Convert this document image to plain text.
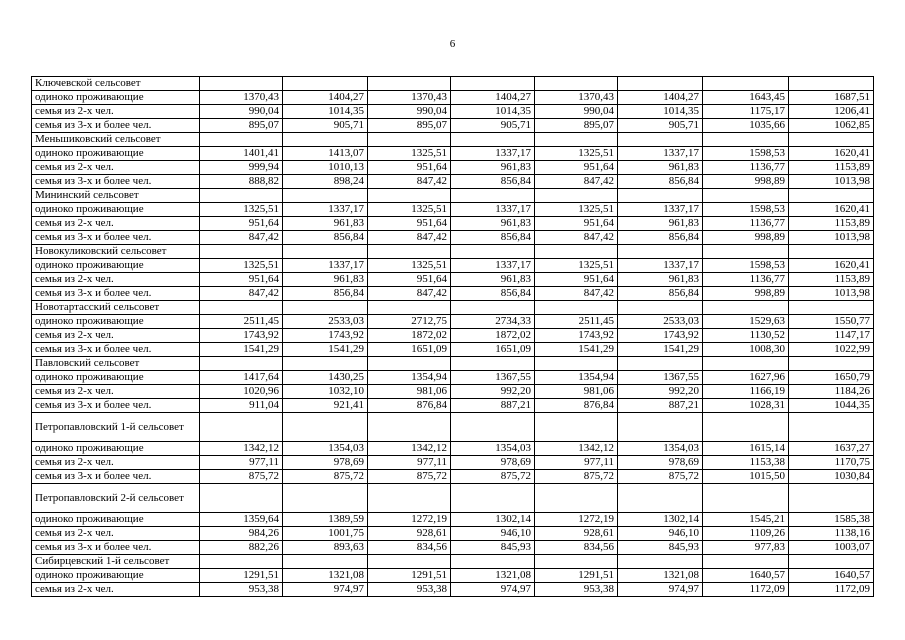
6
Ключевской сельсовет								
одиноко проживающие	1370,43	1404,27	1370,43	1404,27	1370,43	1404,27	1643,45	1687,51
семья из 2-х чел.	990,04	1014,35	990,04	1014,35	990,04	1014,35	1175,17	1206,41
семья из 3-х и более чел.	895,07	905,71	895,07	905,71	895,07	905,71	1035,66	1062,85
Меньшиковский сельсовет								
одиноко проживающие	1401,41	1413,07	1325,51	1337,17	1325,51	1337,17	1598,53	1620,41
семья из 2-х чел.	999,94	1010,13	951,64	961,83	951,64	961,83	1136,77	1153,89
семья из 3-х и более чел.	888,82	898,24	847,42	856,84	847,42	856,84	998,89	1013,98
Мининский сельсовет								
одиноко проживающие	1325,51	1337,17	1325,51	1337,17	1325,51	1337,17	1598,53	1620,41
семья из 2-х чел.	951,64	961,83	951,64	961,83	951,64	961,83	1136,77	1153,89
семья из 3-х и более чел.	847,42	856,84	847,42	856,84	847,42	856,84	998,89	1013,98
Новокуликовский сельсовет								
одиноко проживающие	1325,51	1337,17	1325,51	1337,17	1325,51	1337,17	1598,53	1620,41
семья из 2-х чел.	951,64	961,83	951,64	961,83	951,64	961,83	1136,77	1153,89
семья из 3-х и более чел.	847,42	856,84	847,42	856,84	847,42	856,84	998,89	1013,98
Новотартасский сельсовет								
одиноко проживающие	2511,45	2533,03	2712,75	2734,33	2511,45	2533,03	1529,63	1550,77
семья из 2-х чел.	1743,92	1743,92	1872,02	1872,02	1743,92	1743,92	1130,52	1147,17
семья из 3-х и более чел.	1541,29	1541,29	1651,09	1651,09	1541,29	1541,29	1008,30	1022,99
Павловский сельсовет								
одиноко проживающие	1417,64	1430,25	1354,94	1367,55	1354,94	1367,55	1627,96	1650,79
семья из 2-х чел.	1020,96	1032,10	981,06	992,20	981,06	992,20	1166,19	1184,26
семья из 3-х и более чел.	911,04	921,41	876,84	887,21	876,84	887,21	1028,31	1044,35
Петропавловский 1-й сельсовет								
одиноко проживающие	1342,12	1354,03	1342,12	1354,03	1342,12	1354,03	1615,14	1637,27
семья из 2-х чел.	977,11	978,69	977,11	978,69	977,11	978,69	1153,38	1170,75
семья из 3-х и более чел.	875,72	875,72	875,72	875,72	875,72	875,72	1015,50	1030,84
Петропавловский 2-й сельсовет								
одиноко проживающие	1359,64	1389,59	1272,19	1302,14	1272,19	1302,14	1545,21	1585,38
семья из 2-х чел.	984,26	1001,75	928,61	946,10	928,61	946,10	1109,26	1138,16
семья из 3-х и более чел.	882,26	893,63	834,56	845,93	834,56	845,93	977,83	1003,07
Сибирцевский 1-й сельсовет								
одиноко проживающие	1291,51	1321,08	1291,51	1321,08	1291,51	1321,08	1640,57	1640,57
семья из 2-х чел.	953,38	974,97	953,38	974,97	953,38	974,97	1172,09	1172,09
